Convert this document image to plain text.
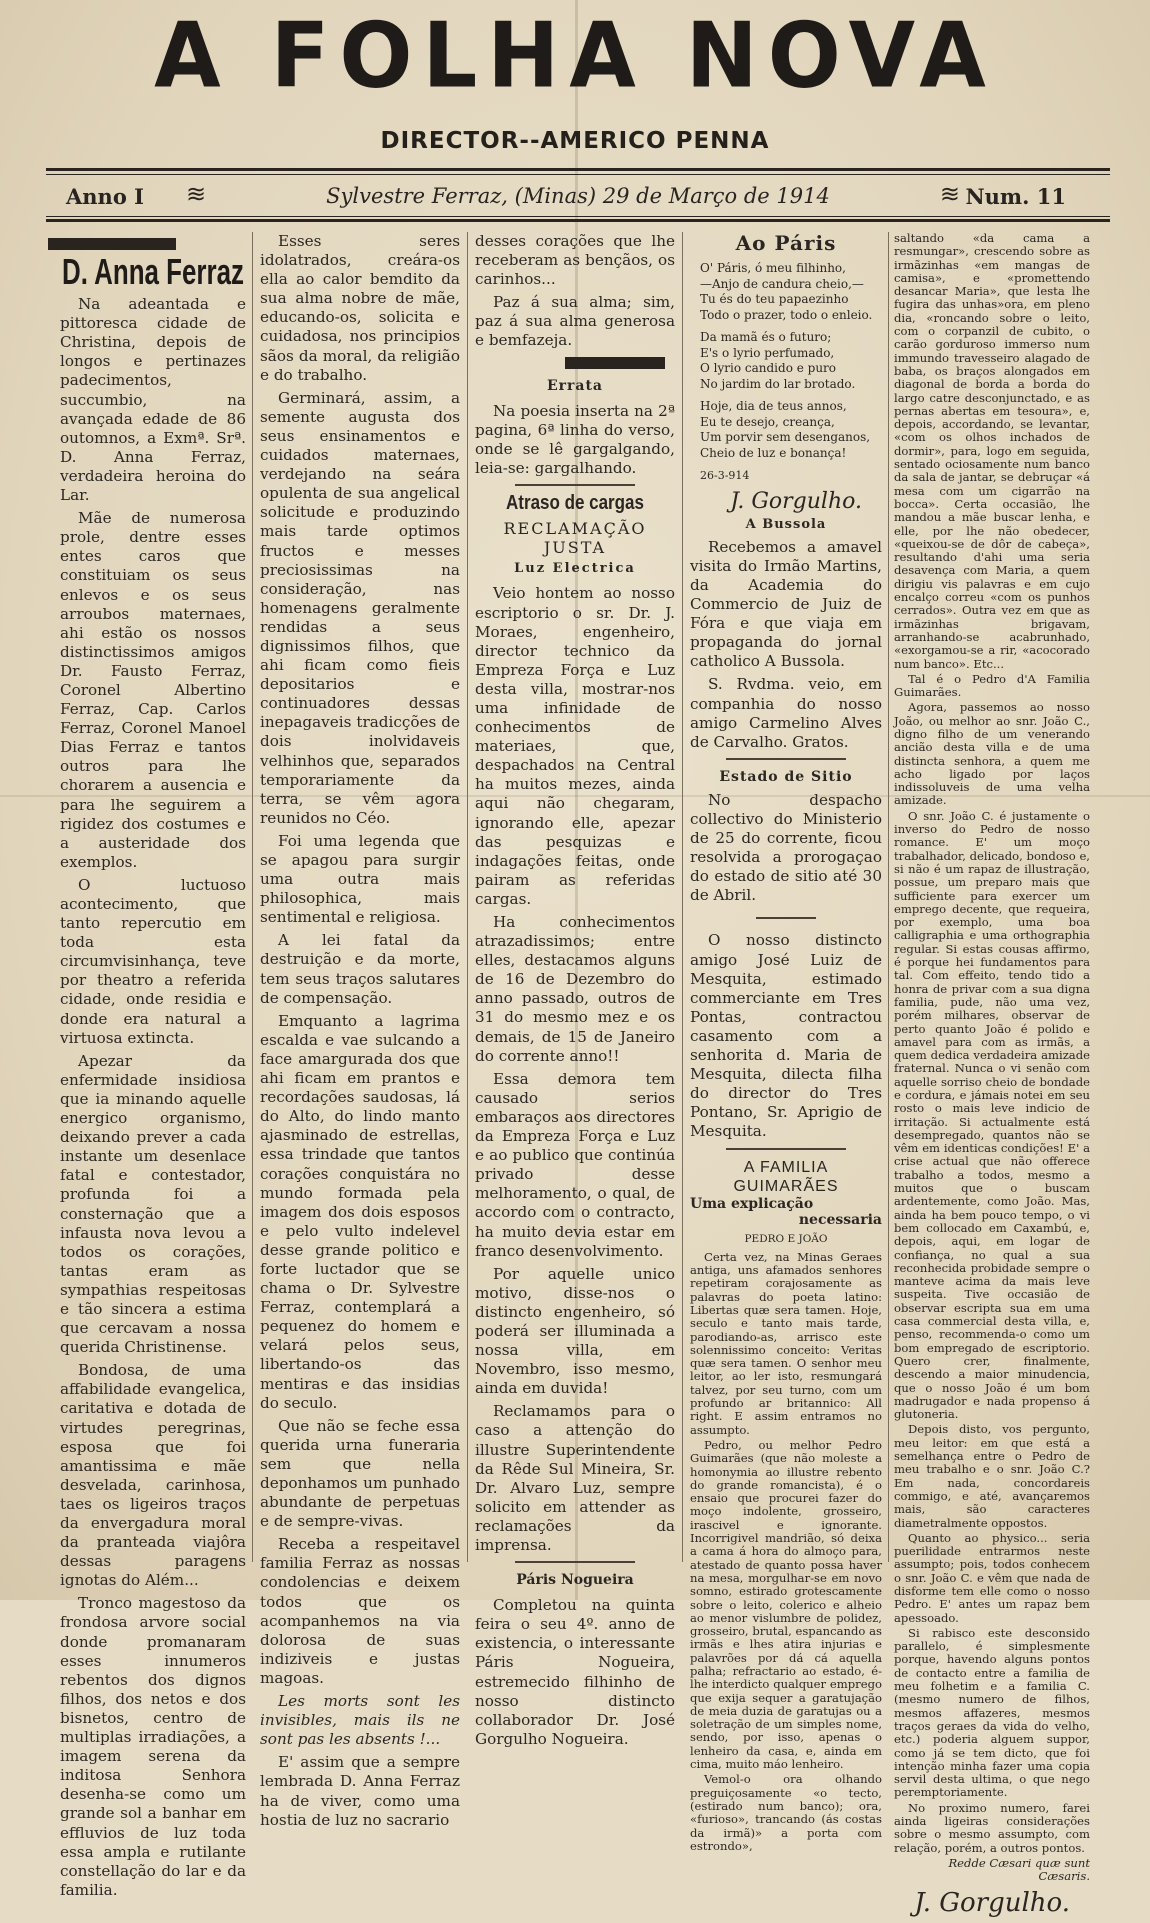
A FOLHA NOVA
DIRECTOR--AMERICO PENNA
Anno I ≋	Sylvestre Ferraz, (Minas) 29 de Março de 1914	≋ Num. 11
D. Anna Ferraz

Na adeantada e pittoresca cidade de Christina, depois de longos e pertinazes padecimentos, succumbio, na avançada edade de 86 outomnos, a Exmª. Srª. D. Anna Ferraz, verdadeira heroina do Lar.

Mãe de numerosa prole, dentre esses entes caros que constituiam os seus enlevos e os seus arroubos maternaes, ahi estão os nossos distinctissimos amigos Dr. Fausto Ferraz, Coronel Albertino Ferraz, Cap. Carlos Ferraz, Coronel Manoel Dias Ferraz e tantos outros para lhe chorarem a ausencia e para lhe seguirem a rigidez dos costumes e a austeridade dos exemplos.

O luctuoso acontecimento, que tanto repercutio em toda esta circumvisinhança, teve por theatro a referida cidade, onde residia e donde era natural a virtuosa extincta.

Apezar da enfermidade insidiosa que ia minando aquelle energico organismo, deixando prever a cada instante um desenlace fatal e contestador, profunda foi a consternação que a infausta nova levou a todos os corações, tantas eram as sympathias respeitosas e tão sincera a estima que cercavam a nossa querida Christinense.

Bondosa, de uma affabilidade evangelica, caritativa e dotada de virtudes peregrinas, esposa que foi amantissima e mãe desvelada, carinhosa, taes os ligeiros traços da envergadura moral da pranteada viajôra dessas paragens ignotas do Além...

Tronco magestoso da frondosa arvore social donde promanaram esses innumeros rebentos dos dignos filhos, dos netos e dos bisnetos, centro de multiplas irradiações, a imagem serena da inditosa Senhora desenha-se como um grande sol a banhar em effluvios de luz toda essa ampla e rutilante constellação do lar e da familia.

Esses seres idolatrados, creára-os ella ao calor bemdito da sua alma nobre de mãe, educando-os, solicita e cuidadosa, nos principios sãos da moral, da religião e do trabalho.

Germinará, assim, a semente augusta dos seus ensinamentos e cuidados maternaes, verdejando na seára opulenta de sua angelical solicitude e produzindo mais tarde optimos fructos e messes preciosissimas na consideração, nas homenagens geralmente rendidas a seus dignissimos filhos, que ahi ficam como fieis depositarios e continuadores dessas inepagaveis tradicções de dois inolvidaveis velhinhos que, separados temporariamente da terra, se vêm agora reunidos no Céo.

Foi uma legenda que se apagou para surgir uma outra mais philosophica, mais sentimental e religiosa.

A lei fatal da destruição e da morte, tem seus traços salutares de compensação.

Emquanto a lagrima escalda e vae sulcando a face amargurada dos que ahi ficam em prantos e recordações saudosas, lá do Alto, do lindo manto ajasminado de estrellas, essa trindade que tantos corações conquistára no mundo formada pela imagem dos dois esposos e pelo vulto indelevel desse grande politico e forte luctador que se chama o Dr. Sylvestre Ferraz, contemplará a pequenez do homem e velará pelos seus, libertando-os das mentiras e das insidias do seculo.

Que não se feche essa querida urna funeraria sem que nella deponhamos um punhado abundante de perpetuas e de sempre-vivas.

Receba a respeitavel familia Ferraz as nossas condolencias e deixem todos que os acompanhemos na via dolorosa de suas indiziveis e justas magoas.

Les morts sont les invisibles, mais ils ne sont pas les absents !...

E' assim que a sempre lembrada D. Anna Ferraz ha de viver, como uma hostia de luz no sacrario

desses corações que lhe receberam as bençãos, os carinhos...

Paz á sua alma; sim, paz á sua alma generosa e bemfazeja.

Errata

Na poesia inserta na 2ª pagina, 6ª linha do verso, onde se lê gargalgando, leia-se: gargalhando.

Atraso de cargas
RECLAMAÇÃO JUSTA
Luz Electrica

Veio hontem ao nosso escriptorio o sr. Dr. J. Moraes, engenheiro, director technico da Empreza Força e Luz desta villa, mostrar-nos uma infinidade de conhecimentos de materiaes, que, despachados na Central ha muitos mezes, ainda aqui não chegaram, ignorando elle, apezar das pesquizas e indagações feitas, onde pairam as referidas cargas.

Ha conhecimentos atrazadissimos; entre elles, destacamos alguns de 16 de Dezembro do anno passado, outros de 31 do mesmo mez e os demais, de 15 de Janeiro do corrente anno!!

Essa demora tem causado serios embaraços aos directores da Empreza Força e Luz e ao publico que continúa privado desse melhoramento, o qual, de accordo com o contracto, ha muito devia estar em franco desenvolvimento.

Por aquelle unico motivo, disse-nos o distincto engenheiro, só poderá ser illuminada a nossa villa, em Novembro, isso mesmo, ainda em duvida!

Reclamamos para o caso a attenção do illustre Superintendente da Rêde Sul Mineira, Sr. Dr. Alvaro Luz, sempre solicito em attender as reclamações da imprensa.

Páris Nogueira

Completou na quinta feira o seu 4º. anno de existencia, o interessante Páris Nogueira, estremecido filhinho de nosso distincto collaborador Dr. José Gorgulho Nogueira.

Ao Páris
O' Páris, ó meu filhinho,
—Anjo de candura cheio,—
Tu és do teu papaezinho
Todo o prazer, todo o enleio.
Da mamã és o futuro;
E's o lyrio perfumado,
O lyrio candido e puro
No jardim do lar brotado.
Hoje, dia de teus annos,
Eu te desejo, creança,
Um porvir sem desenganos,
Cheio de luz e bonança!
26-3-914
J. Gorgulho.
A Bussola

Recebemos a amavel visita do Irmão Martins, da Academia do Commercio de Juiz de Fóra e que viaja em propaganda do jornal catholico A Bussola.

S. Rvdma. veio, em companhia do nosso amigo Carmelino Alves de Carvalho. Gratos.

Estado de Sitio

No despacho collectivo do Ministerio de 25 do corrente, ficou resolvida a prorogaçao do estado de sitio até 30 de Abril.

O nosso distincto amigo José Luiz de Mesquita, estimado commerciante em Tres Pontas, contractou casamento com a senhorita d. Maria de Mesquita, dilecta filha do director do Tres Pontano, Sr. Aprigio de Mesquita.

A FAMILIA GUIMARÃES
Uma explicação
necessaria
PEDRO E JOÃO

Certa vez, na Minas Geraes antiga, uns afamados senhores repetiram corajosamente as palavras do poeta latino: Libertas quæ sera tamen. Hoje, seculo e tanto mais tarde, parodiando-as, arrisco este solennissimo conceito: Veritas quæ sera tamen. O senhor meu leitor, ao ler isto, resmungará talvez, por seu turno, com um profundo ar britannico: All right. E assim entramos no assumpto.

Pedro, ou melhor Pedro Guimarães (que não moleste a homonymia ao illustre rebento do grande romancista), é o ensaio que procurei fazer do moço indolente, grosseiro, irascivel e ignorante. Incorrigivel mandrião, só deixa a cama á hora do almoço para, atestado de quanto possa haver na mesa, morgulhar-se em novo somno, estirado grotescamente sobre o leito, colerico e alheio ao menor vislumbre de polidez, grosseiro, brutal, espancando as irmãs e lhes atira injurias e palavrões por dá cá aquella palha; refractario ao estado, é-lhe interdicto qualquer emprego que exija sequer a garatujação de meia duzia de garatujas ou a soletração de um simples nome, sendo, por isso, apenas o lenheiro da casa, e, ainda em cima, muito máo lenheiro.

Vemol-o ora olhando preguiçosamente «o tecto, (estirado num banco); ora, «furioso», trancando (ás costas da irmã)» a porta com estrondo»,

saltando «da cama a resmungar», crescendo sobre as irmãzinhas «em mangas de camisa», e «promettendo desancar Maria», que lesta lhe fugira das unhas»ora, em pleno dia, «roncando sobre o leito, com o corpanzil de cubito, o carão gorduroso immerso num immundo travesseiro alagado de baba, os braços alongados em diagonal de borda a borda do largo catre desconjunctado, e as pernas abertas em tesoura», e, depois, accordando, se levantar, «com os olhos inchados de dormir», para, logo em seguida, sentado ociosamente num banco da sala de jantar, se debruçar «á mesa com um cigarrão na bocca». Certa occasião, lhe mandou a mãe buscar lenha, e elle, por lhe não obedecer, «queixou-se de dôr de cabeça», resultando d'ahi uma seria desavença com Maria, a quem dirigiu vis palavras e em cujo encalço correu «com os punhos cerrados». Outra vez em que as irmãzinhas brigavam, arranhando-se acabrunhado, «exorgamou-se a rir, «acocorado num banco». Etc...

Tal é o Pedro d'A Familia Guimarães.

Agora, passemos ao nosso João, ou melhor ao snr. João C., digno filho de um venerando ancião desta villa e de uma distincta senhora, a quem me acho ligado por laços indissoluveis de uma velha amizade.

O snr. João C. é justamente o inverso do Pedro de nosso romance. E' um moço trabalhador, delicado, bondoso e, si não é um rapaz de illustração, possue, um preparo mais que sufficiente para exercer um emprego decente, que requeira, por exemplo, uma boa calligraphia e uma orthographia regular. Si estas cousas affirmo, é porque hei fundamentos para tal. Com effeito, tendo tido a honra de privar com a sua digna familia, pude, não uma vez, porém milhares, observar de perto quanto João é polido e amavel para com as irmãs, a quem dedica verdadeira amizade fraternal. Nunca o vi senão com aquelle sorriso cheio de bondade e cordura, e jámais notei em seu rosto o mais leve indicio de irritação. Si actualmente está desempregado, quantos não se vêm em identicas condições! E' a crise actual que não offerece trabalho a todos, mesmo a muitos que o buscam ardentemente, como João. Mas, ainda ha bem pouco tempo, o vi bem collocado em Caxambú, e, depois, aqui, em logar de confiança, no qual a sua reconhecida probidade sempre o manteve acima da mais leve suspeita. Tive occasião de observar escripta sua em uma casa commercial desta villa, e, penso, recommenda-o como um bom empregado de escriptorio. Quero crer, finalmente, descendo a maior minudencia, que o nosso João é um bom madrugador e nada propenso á glutoneria.

Depois disto, vos pergunto, meu leitor: em que está a semelhança entre o Pedro de meu trabalho e o snr. João C.? Em nada, concordareis commigo, e até, avançaremos mais, são caracteres diametralmente oppostos.

Quanto ao physico... seria puerilidade entrarmos neste assumpto; pois, todos conhecem o snr. João C. e vêm que nada de disforme tem elle como o nosso Pedro. E' antes um rapaz bem apessoado.

Si rabisco este desconsido parallelo, é simplesmente porque, havendo alguns pontos de contacto entre a familia de meu folhetim e a familia C. (mesmo numero de filhos, mesmos affazeres, mesmos traços geraes da vida do velho, etc.) poderia alguem suppor, como já se tem dicto, que foi intenção minha fazer uma copia servil desta ultima, o que nego peremptoriamente.

No proximo numero, farei ainda ligeiras considerações sobre o mesmo assumpto, com relação, porém, a outros pontos.

Redde Cæsari quæ sunt Cæsaris.

J. Gorgulho.
